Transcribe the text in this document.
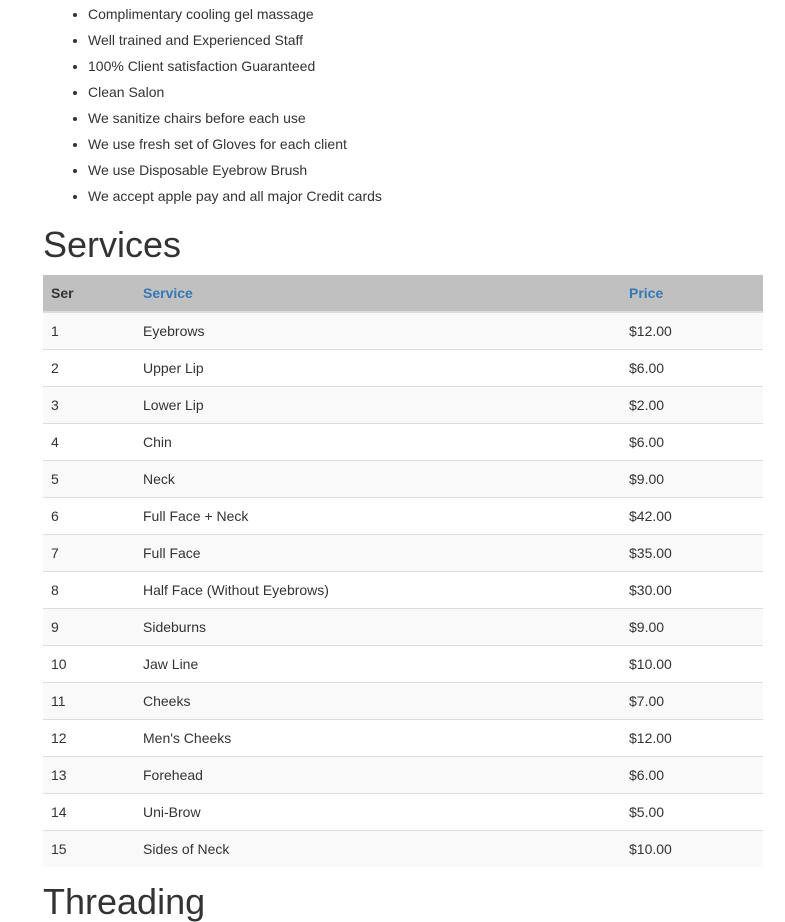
• Complimentary cooling gel massage
• Well trained and Experienced Staff
• 100% Client satisfaction Guaranteed
• Clean Salon
• We sanitize chairs before each use
• We use fresh set of Gloves for each client
• We use Disposable Eyebrow Brush
• We accept apple pay and all major Credit cards
Services
Ser	Service	Price
1	Eyebrows	$12.00
2	Upper Lip	$6.00
3	Lower Lip	$2.00
4	Chin	$6.00
5	Neck	$9.00
6	Full Face + Neck	$42.00
7	Full Face	$35.00
8	Half Face (Without Eyebrows)	$30.00
9	Sideburns	$9.00
10	Jaw Line	$10.00
11	Cheeks	$7.00
12	Men's Cheeks	$12.00
13	Forehead	$6.00
14	Uni-Brow	$5.00
15	Sides of Neck	$10.00
Threading
